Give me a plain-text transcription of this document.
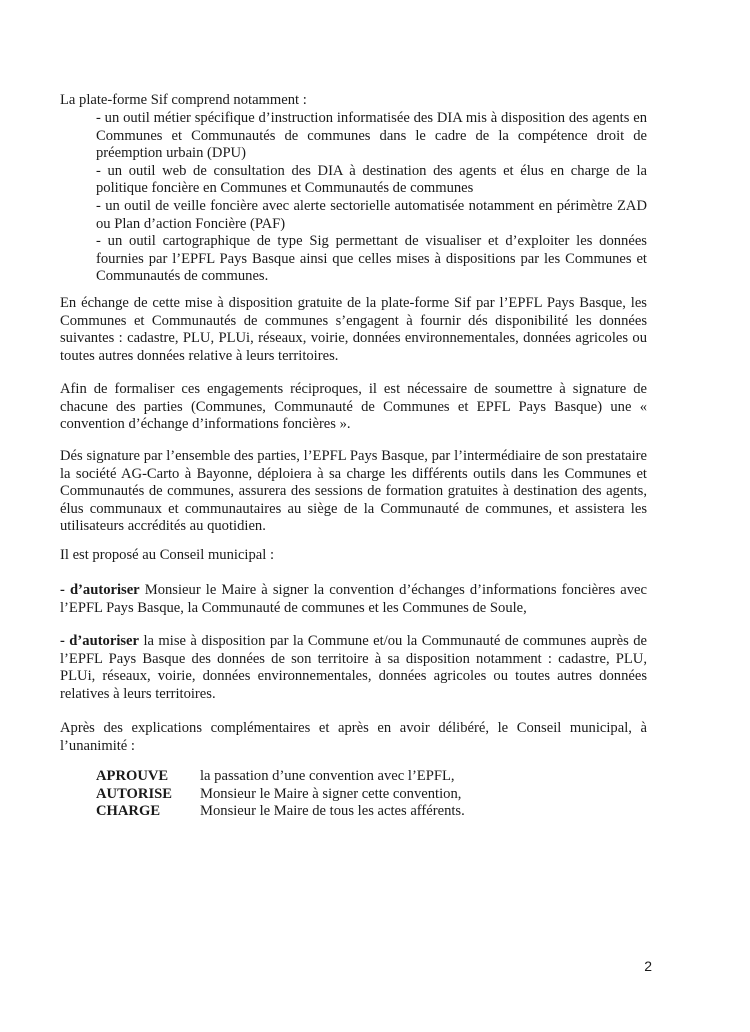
La plate-forme Sif comprend notamment :

- un outil métier spécifique d’instruction informatisée des DIA mis à disposition des agents en Communes et Communautés de communes dans le cadre de la compétence droit de préemption urbain (DPU)

- un outil web de consultation des DIA à destination des agents et élus en charge de la politique foncière en Communes et Communautés de communes

- un outil de veille foncière avec alerte sectorielle automatisée notamment en périmètre ZAD ou Plan d’action Foncière (PAF)

- un outil cartographique de type Sig permettant de visualiser et d’exploiter les données fournies par l’EPFL Pays Basque ainsi que celles mises à dispositions par les Communes et Communautés de communes.

En échange de cette mise à disposition gratuite de la plate-forme Sif par l’EPFL Pays Basque, les Communes et Communautés de communes s’engagent à fournir dés disponibilité les données suivantes : cadastre, PLU, PLUi, réseaux, voirie, données environnementales, données agricoles ou toutes autres données relative à leurs territoires.

Afin de formaliser ces engagements réciproques, il est nécessaire de soumettre à signature de chacune des parties (Communes, Communauté de Communes et EPFL Pays Basque) une « convention d’échange d’informations foncières ».

Dés signature par l’ensemble des parties, l’EPFL Pays Basque, par l’intermédiaire de son prestataire la société AG-Carto à Bayonne, déploiera à sa charge les différents outils dans les Communes et Communautés de communes, assurera des sessions de formation gratuites à destination des agents, élus communaux et communautaires au siège de la Communauté de communes, et assistera les utilisateurs accrédités au quotidien.

Il est proposé au Conseil municipal :

- d’autoriser Monsieur le Maire à signer la convention d’échanges d’informations foncières avec l’EPFL Pays Basque, la Communauté de communes et les Communes de Soule,

- d’autoriser la mise à disposition par la Commune et/ou la Communauté de communes auprès de l’EPFL Pays Basque des données de son territoire à sa disposition notamment : cadastre, PLU, PLUi, réseaux, voirie, données environnementales, données agricoles ou toutes autres données relatives à leurs territoires.

Après des explications complémentaires et après en avoir délibéré, le Conseil municipal, à l’unanimité :

APROUVE	la passation d’une convention avec l’EPFL,
AUTORISE	Monsieur le Maire à signer cette convention,
CHARGE	Monsieur le Maire de tous les actes afférents.
2
